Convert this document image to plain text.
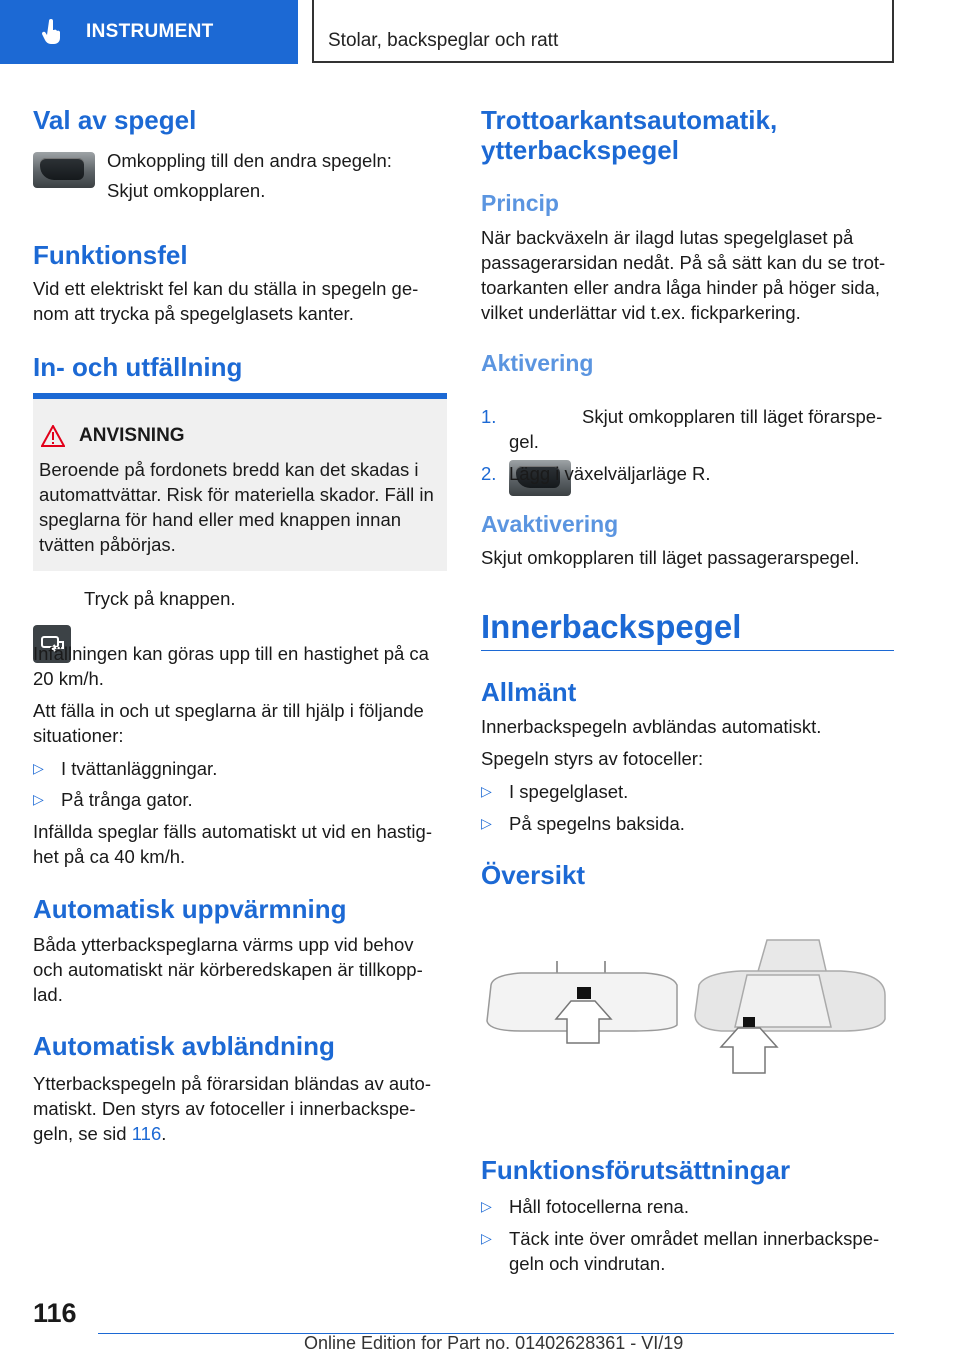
INSTRUMENT	Stolar, backspeglar och ratt
Val av spegel

Omkoppling till den andra spegeln:

Skjut omkopplaren.

Funktionsfel

Vid ett elektriskt fel kan du ställa in spegeln ge-

nom att trycka på spegelglasets kanter.

In- och utfällning
ANVISNING
Beroende på fordonets bredd kan det skadas i
automattvättar. Risk för materiella skador. Fäll in
speglarna för hand eller med knappen innan
tvätten påbörjas.

Tryck på knappen.

Infällningen kan göras upp till en hastighet på ca

20 km/h.

Att fälla in och ut speglarna är till hjälp i följande

situationer:

▷ I tvättanläggningar.
▷ På trånga gator.

Infällda speglar fälls automatiskt ut vid en hastig-

het på ca 40 km/h.

Automatisk uppvärmning

Båda ytterbackspeglarna värms upp vid behov

och automatiskt när körberedskapen är tillkopp-

lad.

Automatisk avbländning

Ytterbackspegeln på förarsidan bländas av auto-

matiskt. Den styrs av fotoceller i innerbackspe-

geln, se sid 116.

Trottoarkantsautomatik,
ytterbackspegel
Princip

När backväxeln är ilagd lutas spegelglaset på

passagerarsidan nedåt. På så sätt kan du se trot-

toarkanten eller andra låga hinder på höger sida,

vilket underlättar vid t.ex. fickparkering.

Aktivering
1.	Skjut omkopplaren till läget förarspe-

gel.

2. Lägg i växelväljarläge R.

Avaktivering

Skjut omkopplaren till läget passagerarspegel.

Innerbackspegel

Allmänt

Innerbackspegeln avbländas automatiskt.

Spegeln styrs av fotoceller:

▷ I spegelglaset.
▷ På spegelns baksida.
Översikt
Funktionsförutsättningar
▷ Håll fotocellerna rena.
▷ Täck inte över området mellan innerbackspe-

geln och vindrutan.

116
Online Edition for Part no. 01402628361 - VI/19
